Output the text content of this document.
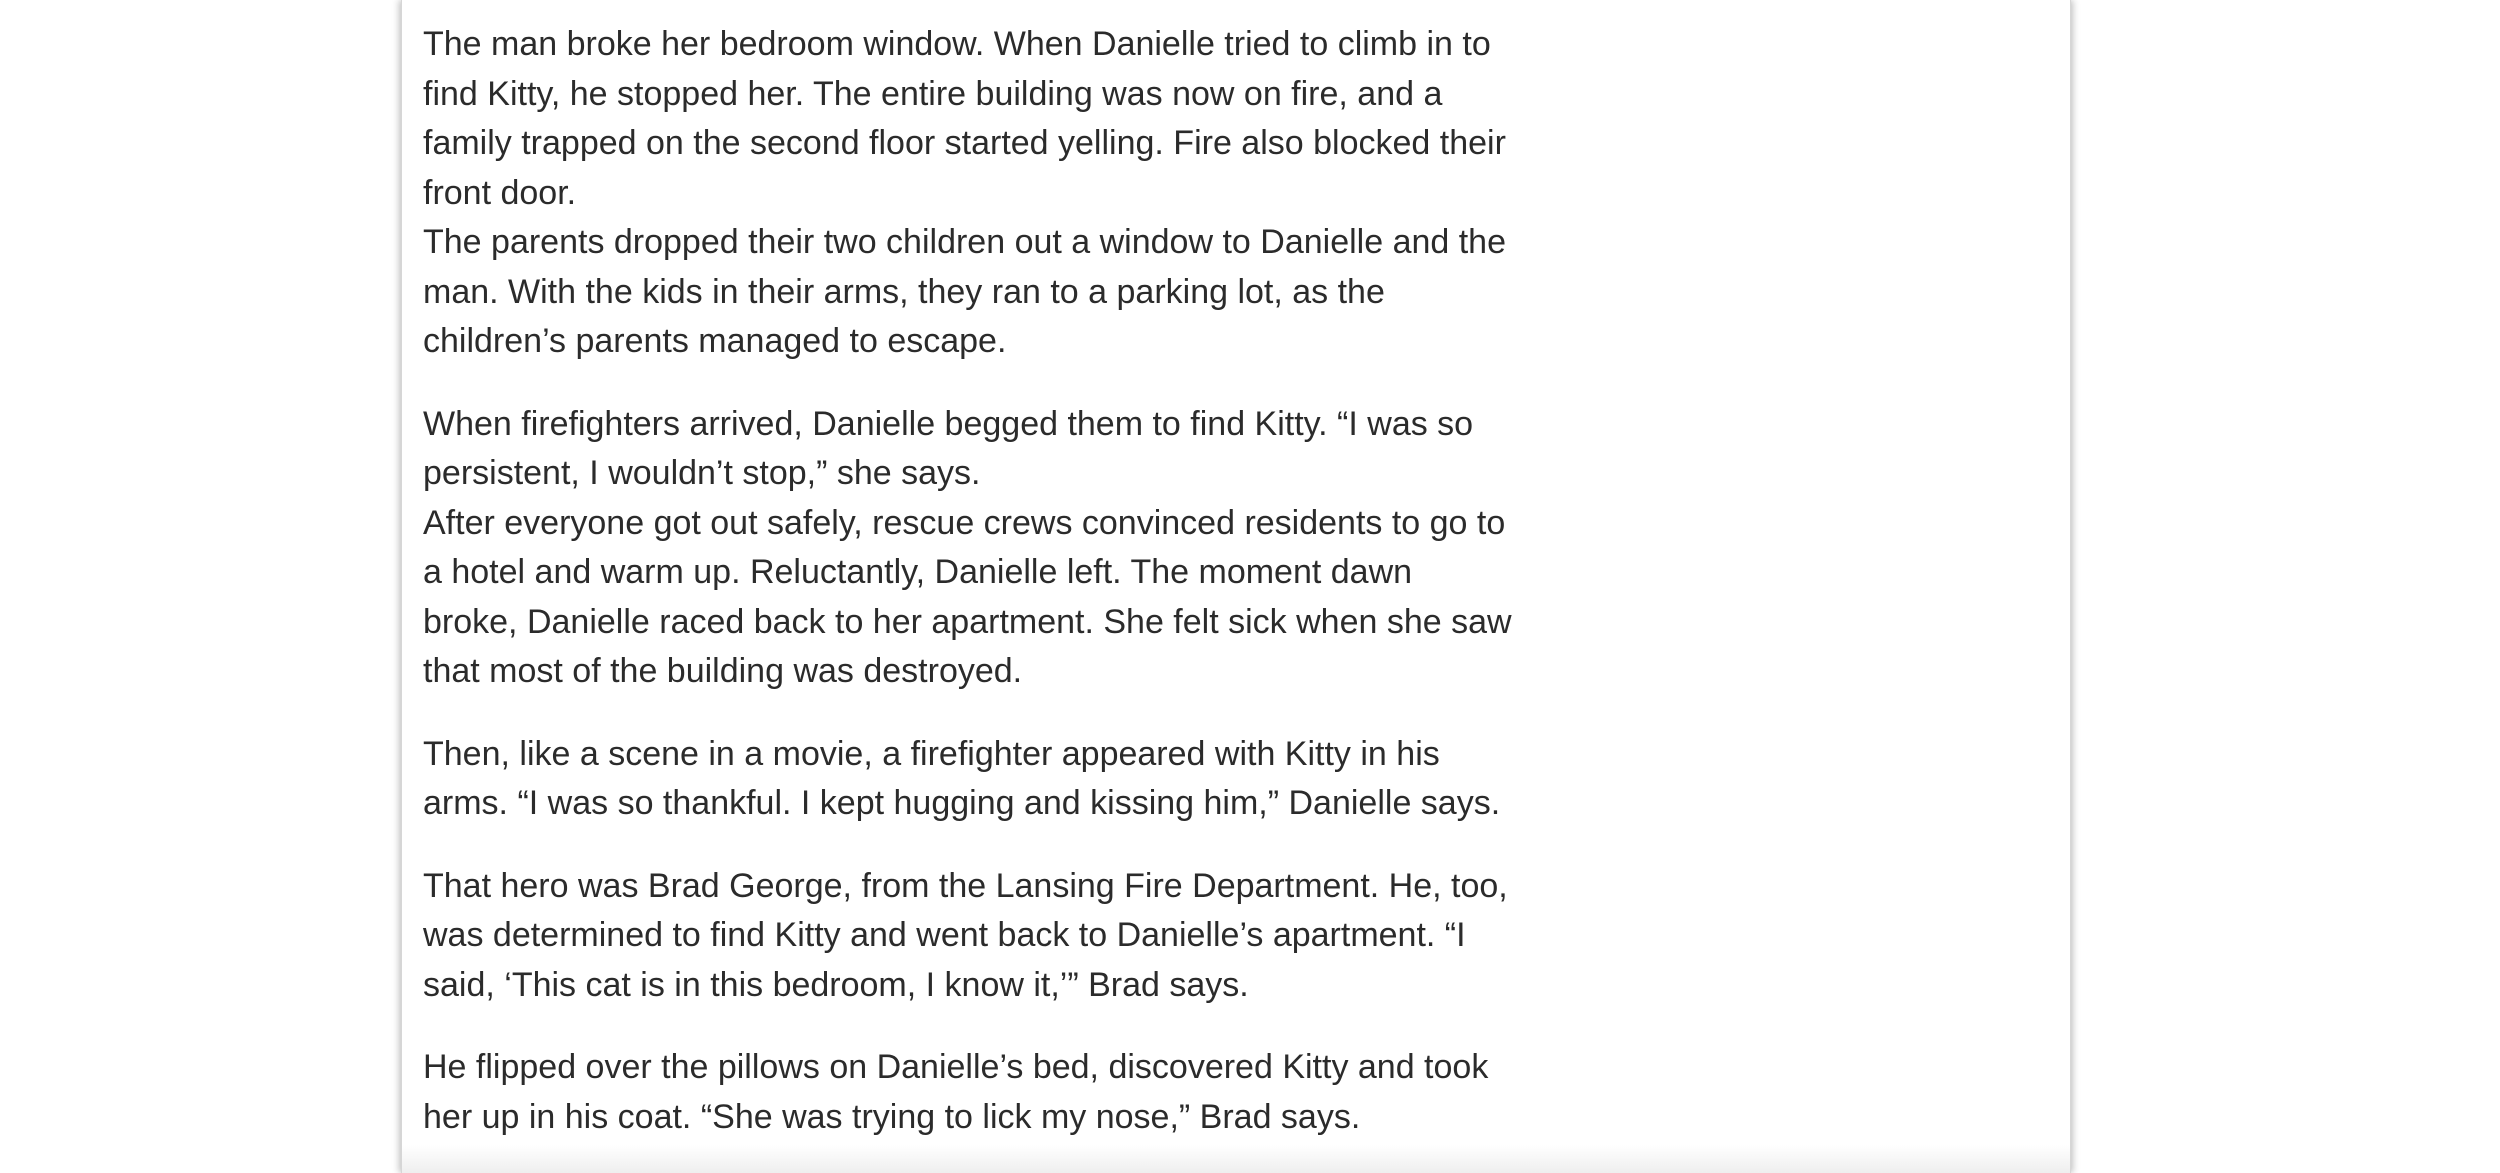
The man broke her bedroom window. When Danielle tried to climb in to find Kitty, he stopped her. The entire building was now on fire, and a family trapped on the second floor started yelling. Fire also blocked their front door.

The parents dropped their two children out a window to Danielle and the man. With the kids in their arms, they ran to a parking lot, as the children’s parents managed to escape.

When firefighters arrived, Danielle begged them to find Kitty. “I was so persistent, I wouldn’t stop,” she says.

After everyone got out safely, rescue crews convinced residents to go to a hotel and warm up. Reluctantly, Danielle left. The moment dawn broke, Danielle raced back to her apartment. She felt sick when she saw that most of the building was destroyed.

Then, like a scene in a movie, a firefighter appeared with Kitty in his arms. “I was so thankful. I kept hugging and kissing him,” Danielle says.

That hero was Brad George, from the Lansing Fire Department. He, too, was determined to find Kitty and went back to Danielle’s apartment. “I said, ‘This cat is in this bedroom, I know it,’” Brad says.

He flipped over the pillows on Danielle’s bed, discovered Kitty and took her up in his coat. “She was trying to lick my nose,” Brad says.
